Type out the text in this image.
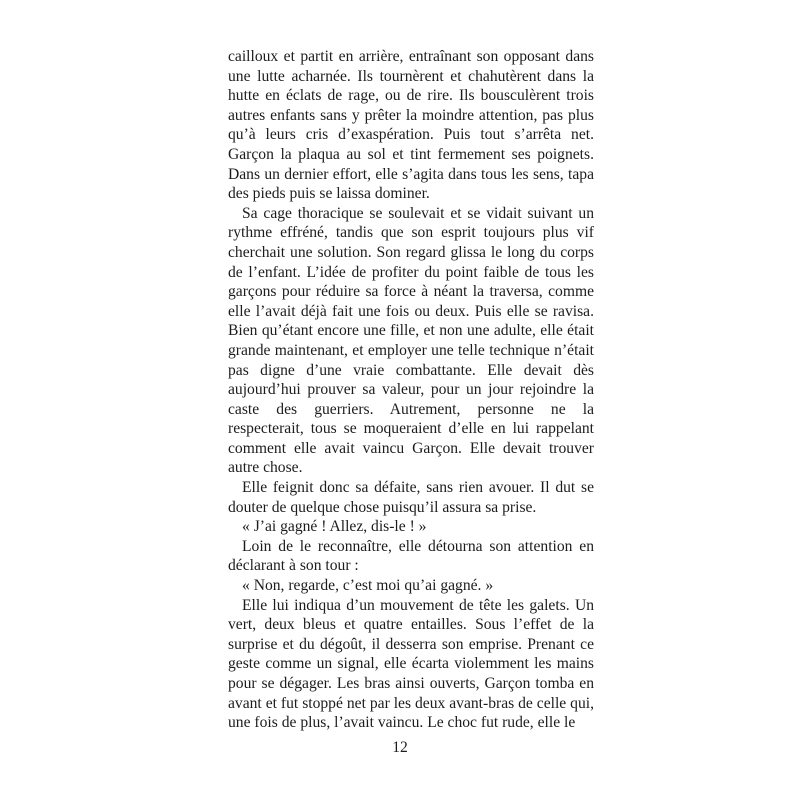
cailloux et partit en arrière, entraînant son opposant dans une lutte acharnée. Ils tournèrent et chahutèrent dans la hutte en éclats de rage, ou de rire. Ils bousculèrent trois autres enfants sans y prêter la moindre attention, pas plus qu’à leurs cris d’exaspération. Puis tout s’arrêta net. Garçon la plaqua au sol et tint fermement ses poignets. Dans un dernier effort, elle s’agita dans tous les sens, tapa des pieds puis se laissa dominer.

Sa cage thoracique se soulevait et se vidait suivant un rythme effréné, tandis que son esprit toujours plus vif cherchait une solution. Son regard glissa le long du corps de l’enfant. L’idée de profiter du point faible de tous les garçons pour réduire sa force à néant la traversa, comme elle l’avait déjà fait une fois ou deux. Puis elle se ravisa. Bien qu’étant encore une fille, et non une adulte, elle était grande maintenant, et employer une telle technique n’était pas digne d’une vraie combattante. Elle devait dès aujourd’hui prouver sa valeur, pour un jour rejoindre la caste des guerriers. Autrement, personne ne la respecterait, tous se moqueraient d’elle en lui rappelant comment elle avait vaincu Garçon. Elle devait trouver autre chose.

Elle feignit donc sa défaite, sans rien avouer. Il dut se douter de quelque chose puisqu’il assura sa prise.

« J’ai gagné ! Allez, dis-le ! »

Loin de le reconnaître, elle détourna son attention en déclarant à son tour :

« Non, regarde, c’est moi qu’ai gagné. »

Elle lui indiqua d’un mouvement de tête les galets. Un vert, deux bleus et quatre entailles. Sous l’effet de la surprise et du dégoût, il desserra son emprise. Prenant ce geste comme un signal, elle écarta violemment les mains pour se dégager. Les bras ainsi ouverts, Garçon tomba en avant et fut stoppé net par les deux avant-bras de celle qui, une fois de plus, l’avait vaincu. Le choc fut rude, elle le

12
